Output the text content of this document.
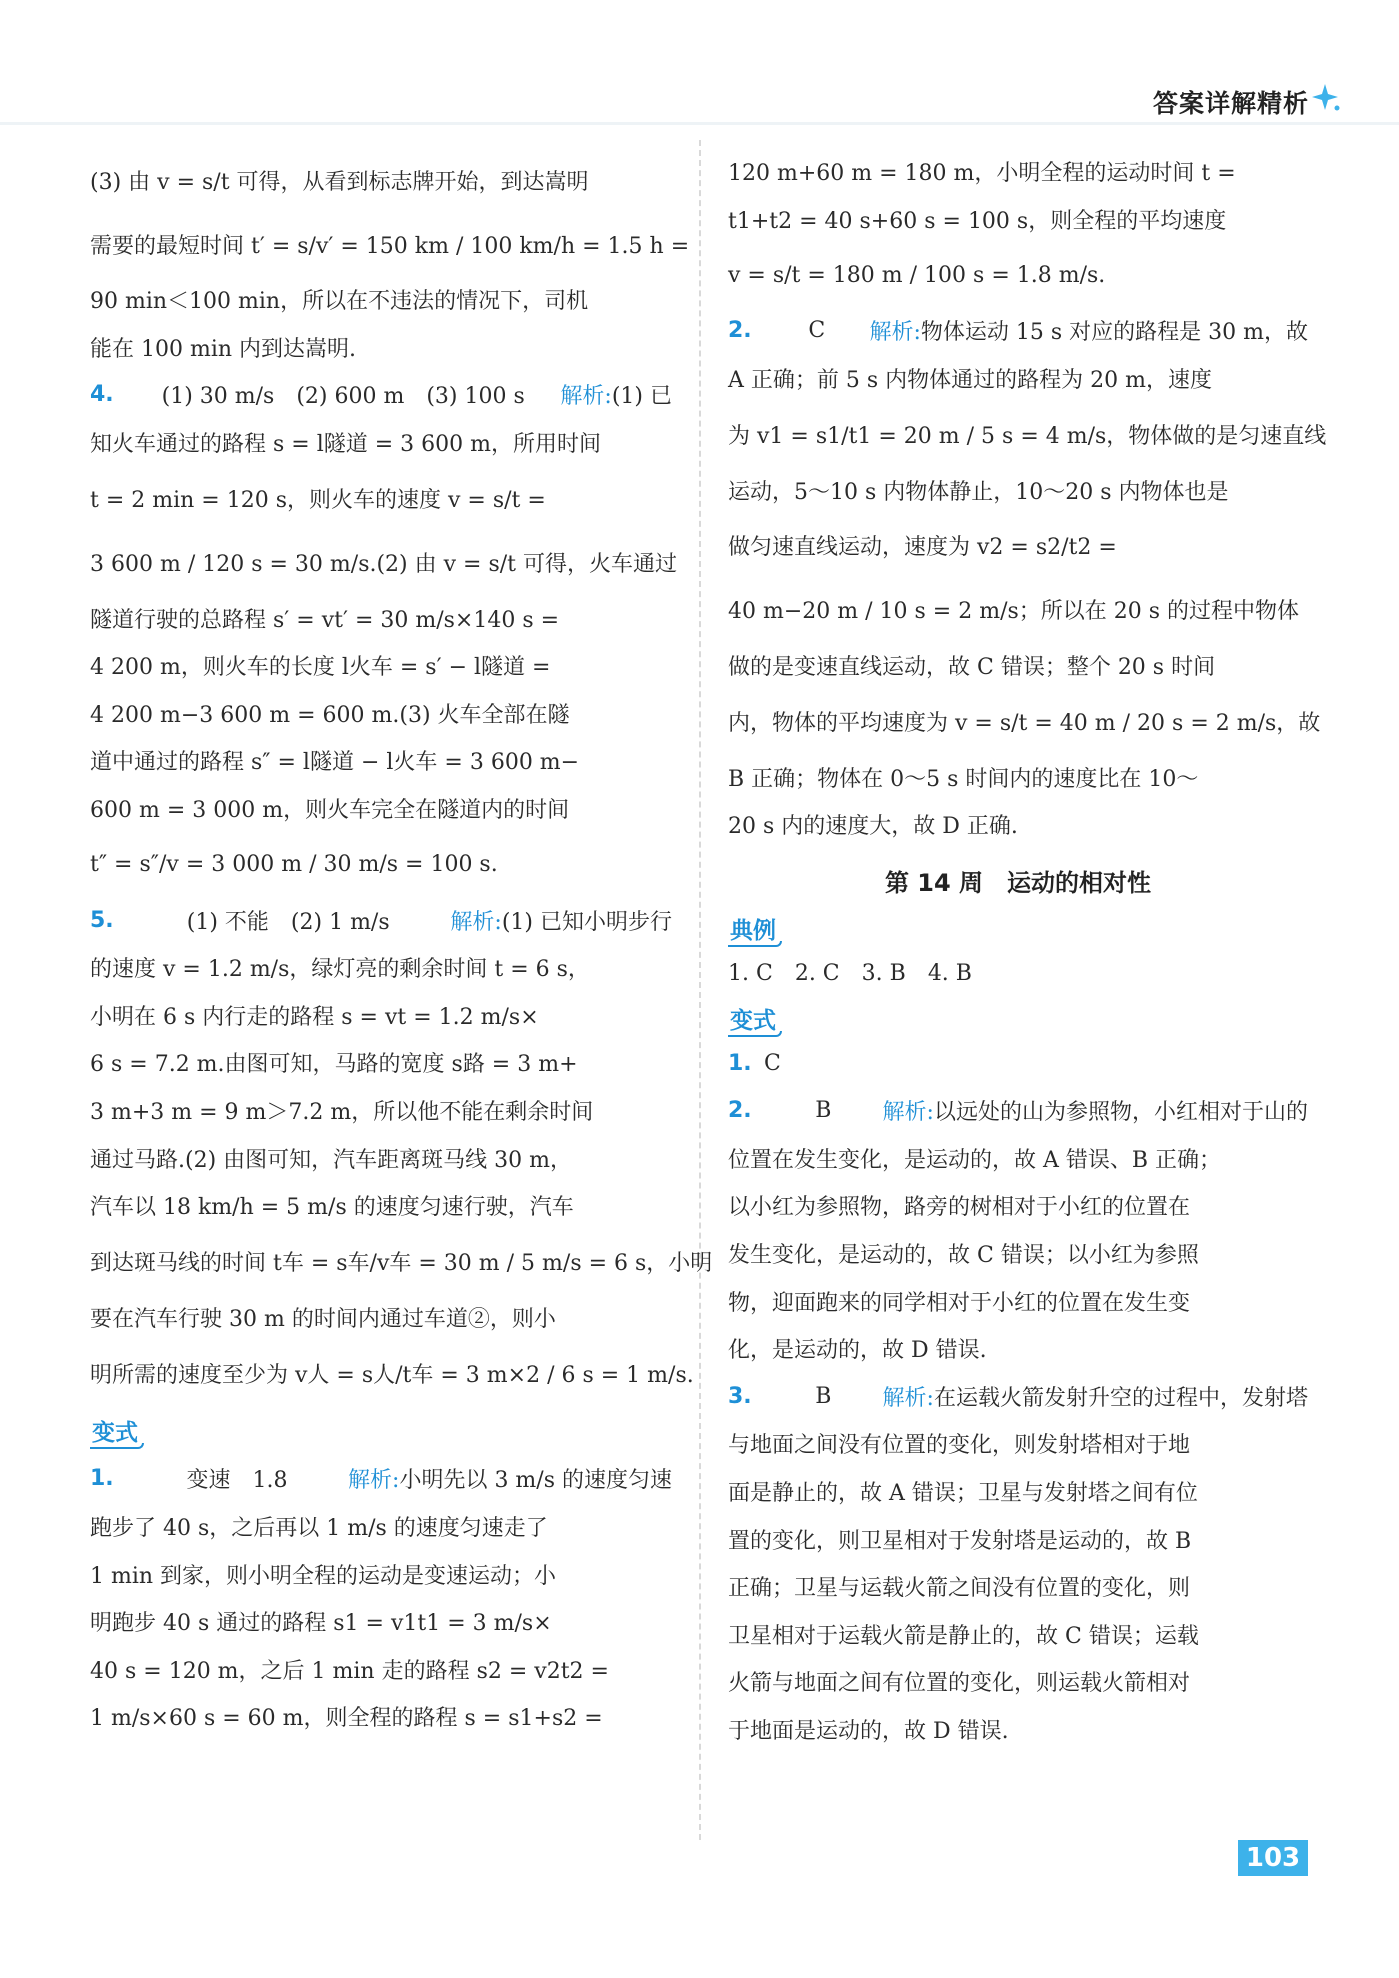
答案详解精析
(3) 由 v = s/t 可得，从看到标志牌开始，到达嵩明
需要的最短时间 t′ = s/v′ = 150 km / 100 km/h = 1.5 h =
90 min＜100 min，所以在不违法的情况下，司机
能在 100 min 内到达嵩明.
4.	(1) 30 m/s　(2) 600 m　(3) 100 s 解析:(1) 已
知火车通过的路程 s = l隧道 = 3 600 m，所用时间
t = 2 min = 120 s，则火车的速度 v = s/t =
3 600 m / 120 s = 30 m/s.(2) 由 v = s/t 可得，火车通过
隧道行驶的总路程 s′ = vt′ = 30 m/s×140 s =
4 200 m，则火车的长度 l火车 = s′ − l隧道 =
4 200 m−3 600 m = 600 m.(3) 火车全部在隧
道中通过的路程 s″ = l隧道 − l火车 = 3 600 m−
600 m = 3 000 m，则火车完全在隧道内的时间
t″ = s″/v = 3 000 m / 30 m/s = 100 s.
5.	(1) 不能　(2) 1 m/s	解析:(1) 已知小明步行
的速度 v = 1.2 m/s，绿灯亮的剩余时间 t = 6 s，
小明在 6 s 内行走的路程 s = vt = 1.2 m/s×
6 s = 7.2 m.由图可知，马路的宽度 s路 = 3 m+
3 m+3 m = 9 m＞7.2 m，所以他不能在剩余时间
通过马路.(2) 由图可知，汽车距离斑马线 30 m，
汽车以 18 km/h = 5 m/s 的速度匀速行驶，汽车
到达斑马线的时间 t车 = s车/v车 = 30 m / 5 m/s = 6 s，小明
要在汽车行驶 30 m 的时间内通过车道②，则小
明所需的速度至少为 v人 = s人/t车 = 3 m×2 / 6 s = 1 m/s.
变式
1.	变速　1.8	解析:小明先以 3 m/s 的速度匀速
跑步了 40 s，之后再以 1 m/s 的速度匀速走了
1 min 到家，则小明全程的运动是变速运动；小
明跑步 40 s 通过的路程 s1 = v1t1 = 3 m/s×
40 s = 120 m，之后 1 min 走的路程 s2 = v2t2 =
1 m/s×60 s = 60 m，则全程的路程 s = s1+s2 =
120 m+60 m = 180 m，小明全程的运动时间 t =
t1+t2 = 40 s+60 s = 100 s，则全程的平均速度
v = s/t = 180 m / 100 s = 1.8 m/s.
2.	C 解析:物体运动 15 s 对应的路程是 30 m，故
A 正确；前 5 s 内物体通过的路程为 20 m，速度
为 v1 = s1/t1 = 20 m / 5 s = 4 m/s，物体做的是匀速直线
运动，5～10 s 内物体静止，10～20 s 内物体也是
做匀速直线运动，速度为 v2 = s2/t2 =
40 m−20 m / 10 s = 2 m/s；所以在 20 s 的过程中物体
做的是变速直线运动，故 C 错误；整个 20 s 时间
内，物体的平均速度为 v = s/t = 40 m / 20 s = 2 m/s，故
B 正确；物体在 0～5 s 时间内的速度比在 10～
20 s 内的速度大，故 D 正确.
第 14 周　运动的相对性
典例
1. C 2. C 3. B 4. B
变式
1. C
2.	B 解析:以远处的山为参照物，小红相对于山的
位置在发生变化，是运动的，故 A 错误、B 正确；
以小红为参照物，路旁的树相对于小红的位置在
发生变化，是运动的，故 C 错误；以小红为参照
物，迎面跑来的同学相对于小红的位置在发生变
化，是运动的，故 D 错误.
3.	B 解析:在运载火箭发射升空的过程中，发射塔
与地面之间没有位置的变化，则发射塔相对于地
面是静止的，故 A 错误；卫星与发射塔之间有位
置的变化，则卫星相对于发射塔是运动的，故 B
正确；卫星与运载火箭之间没有位置的变化，则
卫星相对于运载火箭是静止的，故 C 错误；运载
火箭与地面之间有位置的变化，则运载火箭相对
于地面是运动的，故 D 错误.
103
